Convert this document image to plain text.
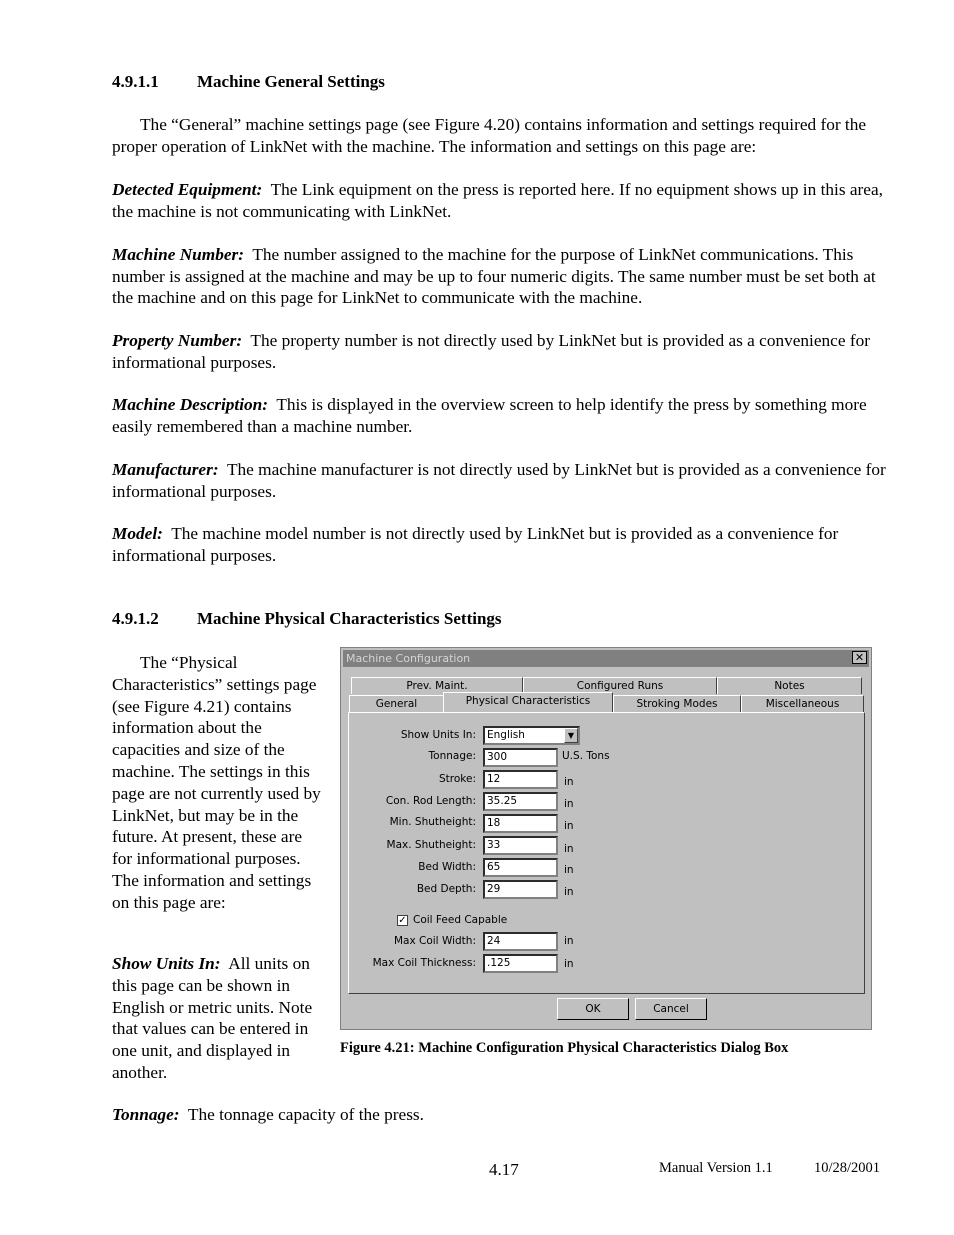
4.9.1.1 Machine General Settings
The “General” machine settings page (see Figure 4.20) contains information and settings required for the proper operation of LinkNet with the machine. The information and settings on this page are:
Detected Equipment: The Link equipment on the press is reported here. If no equipment shows up in this area, the machine is not communicating with LinkNet.
Machine Number: The number assigned to the machine for the purpose of LinkNet communications. This number is assigned at the machine and may be up to four numeric digits. The same number must be set both at the machine and on this page for LinkNet to communicate with the machine.
Property Number: The property number is not directly used by LinkNet but is provided as a convenience for informational purposes.
Machine Description: This is displayed in the overview screen to help identify the press by something more easily remembered than a machine number.
Manufacturer: The machine manufacturer is not directly used by LinkNet but is provided as a convenience for informational purposes.
Model: The machine model number is not directly used by LinkNet but is provided as a convenience for informational purposes.
4.9.1.2 Machine Physical Characteristics Settings
The “Physical Characteristics” settings page (see Figure 4.21) contains information about the capacities and size of the machine. The settings in this page are not currently used by LinkNet, but may be in the future. At present, these are for informational purposes. The information and settings on this page are:
Show Units In: All units on this page can be shown in English or metric units. Note that values can be entered in one unit, and displayed in another.
Tonnage: The tonnage capacity of the press.
Machine Configuration	✕
Prev. Maint.	Configured Runs	Notes
General	Physical Characteristics	Stroking Modes	Miscellaneous
Show Units In:	English	▼
Tonnage:	300	U.S. Tons
Stroke:	12	in
Con. Rod Length:	35.25	in
Min. Shutheight:	18	in
Max. Shutheight:	33	in
Bed Width:	65	in
Bed Depth:	29	in
✓ Coil Feed Capable
Max Coil Width:	24	in
Max Coil Thickness:	.125	in
OK	Cancel
Figure 4.21: Machine Configuration Physical Characteristics Dialog Box
4.17	Manual Version 1.1	10/28/2001
